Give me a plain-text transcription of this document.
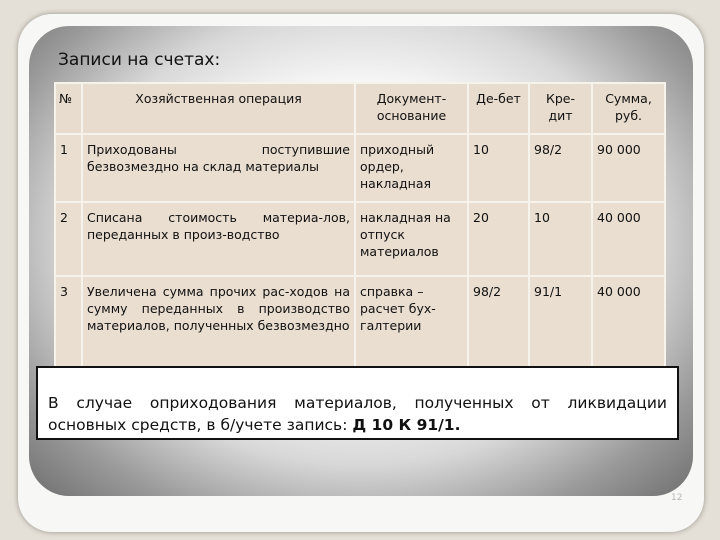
Записи на счетах:
№	Хозяйственная операция	Документ-основание	Де-бет	Кре-дит	Сумма, руб.
1	Приходованы поступившие безвозмездно на склад материалы	приходный ордер, накладная	10	98/2	90 000
2	Списана стоимость материа-лов, переданных в произ-водство	накладная на отпуск материалов	20	10	40 000
3	Увеличена сумма прочих рас-ходов на сумму переданных в производство материалов, полученных безвозмездно	справка – расчет бух-галтерии	98/2	91/1	40 000
В случае оприходования материалов, полученных от ликвидации основных средств, в б/учете запись: Д 10 К 91/1.
12
